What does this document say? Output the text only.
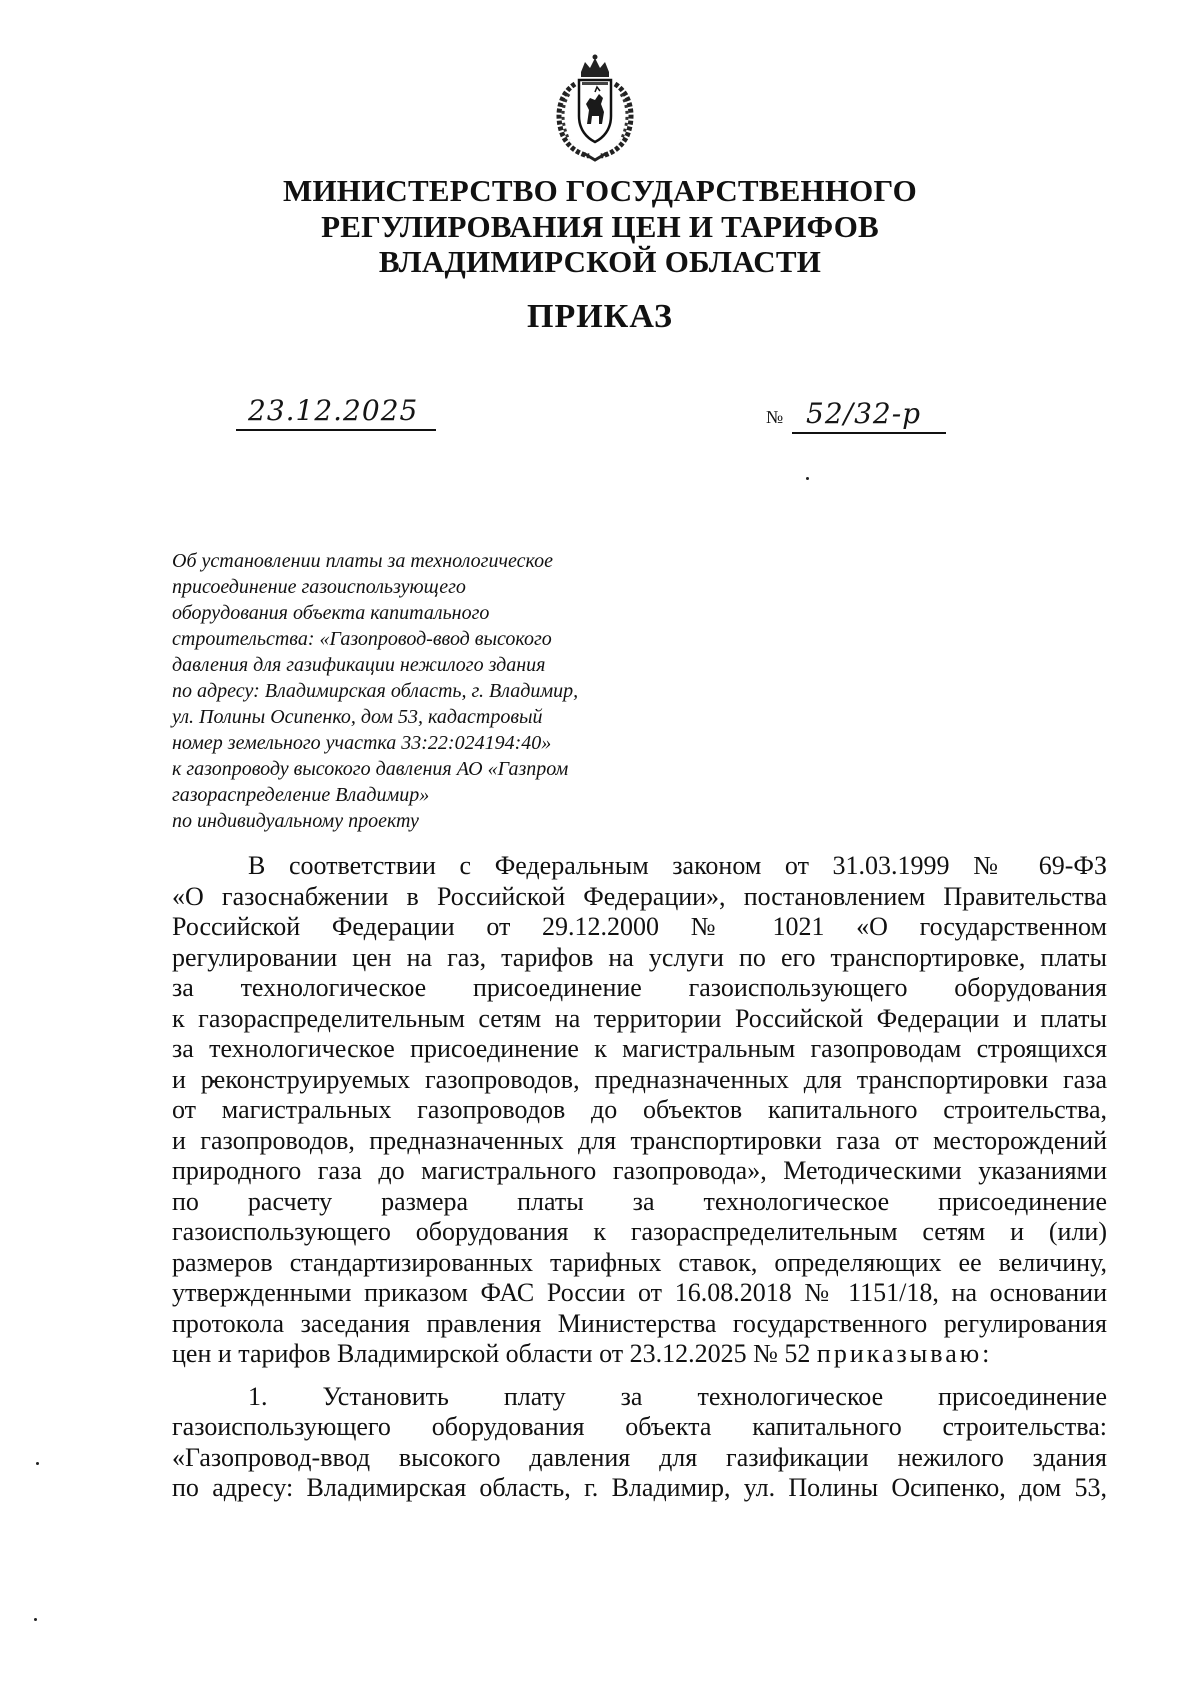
МИНИСТЕРСТВО ГОСУДАРСТВЕННОГО
РЕГУЛИРОВАНИЯ ЦЕН И ТАРИФОВ
ВЛАДИМИРСКОЙ ОБЛАСТИ
ПРИКАЗ
23.12.2025	№ 52/32-р
Об установлении платы за технологическое
присоединение газоиспользующего
оборудования объекта капитального
строительства: «Газопровод-ввод высокого
давления для газификации нежилого здания
по адресу: Владимирская область, г. Владимир,
ул. Полины Осипенко, дом 53, кадастровый
номер земельного участка 33:22:024194:40»
к газопроводу высокого давления АО «Газпром
газораспределение Владимир»
по индивидуальному проекту
В соответствии с Федеральным законом от 31.03.1999 № 69-ФЗ
«О газоснабжении в Российской Федерации», постановлением Правительства
Российской Федерации от 29.12.2000 № 1021 «О государственном
регулировании цен на газ, тарифов на услуги по его транспортировке, платы
за технологическое присоединение газоиспользующего оборудования
к газораспределительным сетям на территории Российской Федерации и платы
за технологическое присоединение к магистральным газопроводам строящихся
и реконструируемых газопроводов, предназначенных для транспортировки газа
от магистральных газопроводов до объектов капитального строительства,
и газопроводов, предназначенных для транспортировки газа от месторождений
природного газа до магистрального газопровода», Методическими указаниями
по расчету размера платы за технологическое присоединение
газоиспользующего оборудования к газораспределительным сетям и (или)
размеров стандартизированных тарифных ставок, определяющих ее величину,
утвержденными приказом ФАС России от 16.08.2018 № 1151/18, на основании
протокола заседания правления Министерства государственного регулирования
цен и тарифов Владимирской области от 23.12.2025 № 52 приказываю:
1. Установить плату за технологическое присоединение
газоиспользующего оборудования объекта капитального строительства:
«Газопровод-ввод высокого давления для газификации нежилого здания
по адресу: Владимирская область, г. Владимир, ул. Полины Осипенко, дом 53,
